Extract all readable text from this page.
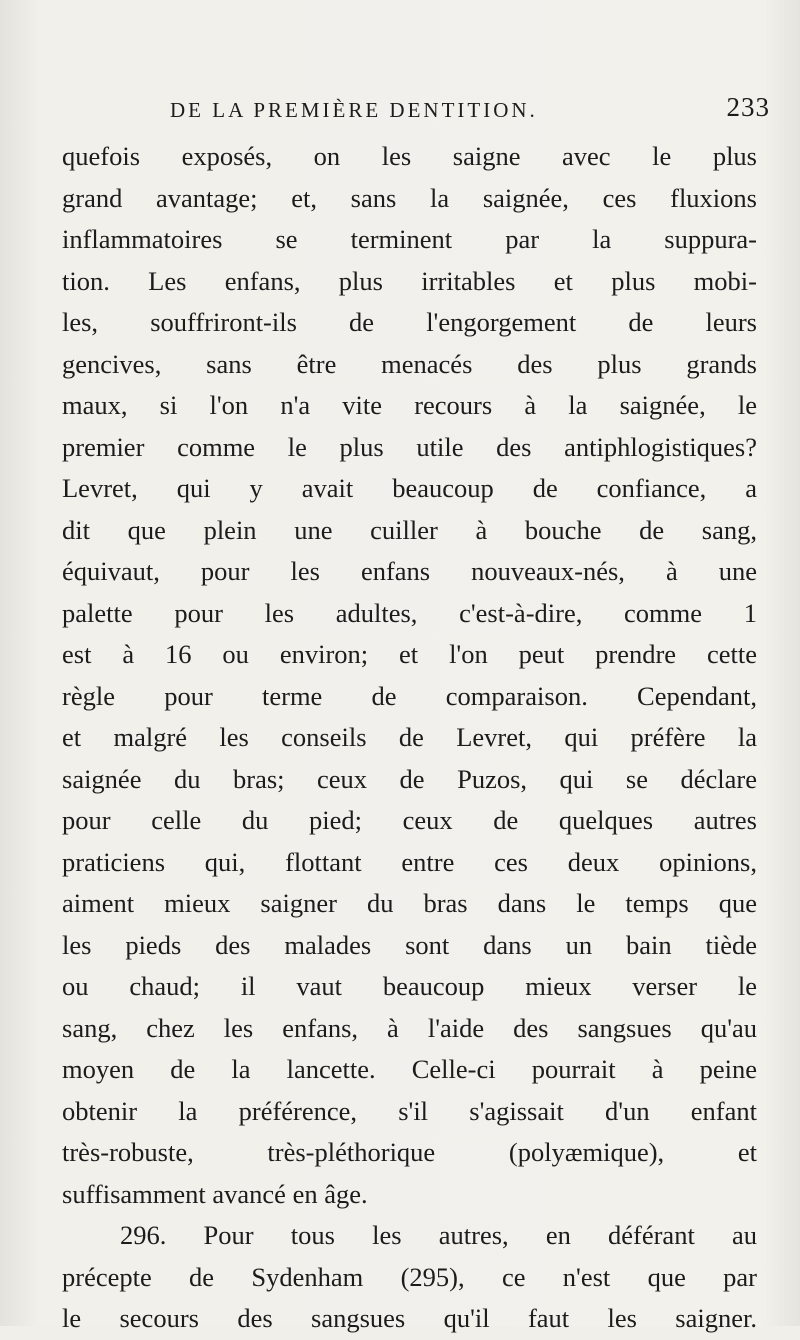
DE LA PREMIÈRE DENTITION.	233
quefois exposés, on les saigne avec le plus
grand avantage; et, sans la saignée, ces fluxions
inflammatoires se terminent par la suppura-
tion. Les enfans, plus irritables et plus mobi-
les, souffriront-ils de l'engorgement de leurs
gencives, sans être menacés des plus grands
maux, si l'on n'a vite recours à la saignée, le
premier comme le plus utile des antiphlogistiques?
Levret, qui y avait beaucoup de confiance, a
dit que plein une cuiller à bouche de sang,
équivaut, pour les enfans nouveaux-nés, à une
palette pour les adultes, c'est-à-dire, comme 1
est à 16 ou environ; et l'on peut prendre cette
règle pour terme de comparaison. Cependant,
et malgré les conseils de Levret, qui préfère la
saignée du bras; ceux de Puzos, qui se déclare
pour celle du pied; ceux de quelques autres
praticiens qui, flottant entre ces deux opinions,
aiment mieux saigner du bras dans le temps que
les pieds des malades sont dans un bain tiède
ou chaud; il vaut beaucoup mieux verser le
sang, chez les enfans, à l'aide des sangsues qu'au
moyen de la lancette. Celle-ci pourrait à peine
obtenir la préférence, s'il s'agissait d'un enfant
très-robuste, très-pléthorique (polyæmique), et
suffisamment avancé en âge.
296. Pour tous les autres, en déférant au
précepte de Sydenham (295), ce n'est que par
le secours des sangsues qu'il faut les saigner.
